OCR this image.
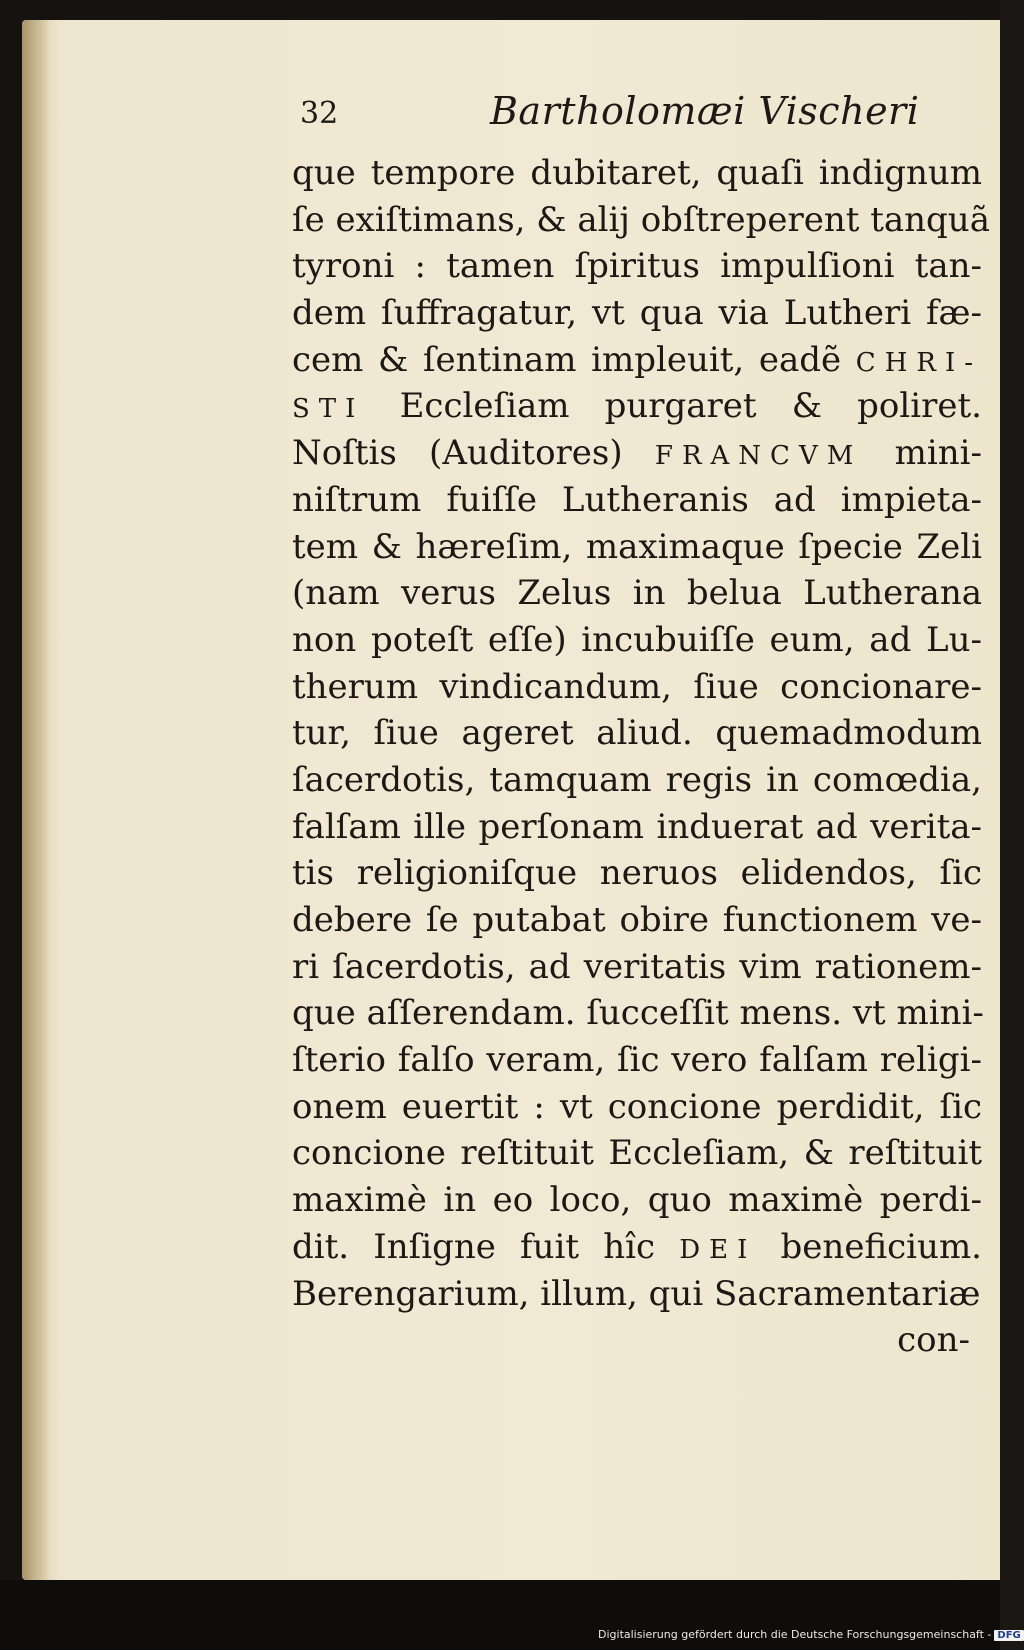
32	Bartholomæi Vischeri
que tempore dubitaret, quaſi indignum
ſe exiſtimans, & alij obſtreperent tanquã
tyroni : tamen ſpiritus impulſioni tan-
dem ſuffragatur, vt qua via Lutheri fæ-
cem & ſentinam impleuit, eadẽ CHRI-
STI Eccleſiam purgaret & poliret.
Noſtis (Auditores) FRANCVM mini-
niſtrum fuiſſe Lutheranis ad impieta-
tem & hæreſim, maximaque ſpecie Zeli
(nam verus Zelus in belua Lutherana
non poteſt eſſe) incubuiſſe eum, ad Lu-
therum vindicandum, ſiue concionare-
tur, ſiue ageret aliud. quemadmodum
ſacerdotis, tamquam regis in comœdia,
falſam ille perſonam induerat ad verita-
tis religioniſque neruos elidendos, ſic
debere ſe putabat obire functionem ve-
ri ſacerdotis, ad veritatis vim rationem-
que aſſerendam. ſucceſſit mens. vt mini-
ſterio falſo veram, ſic vero falſam religi-
onem euertit : vt concione perdidit, ſic
concione reſtituit Eccleſiam, & reſtituit
maximè in eo loco, quo maximè perdi-
dit. Inſigne fuit hîc DEI beneficium.
Berengarium, illum, qui Sacramentariæ
con-
Digitalisierung gefördert durch die Deutsche Forschungsgemeinschaft - DFG
